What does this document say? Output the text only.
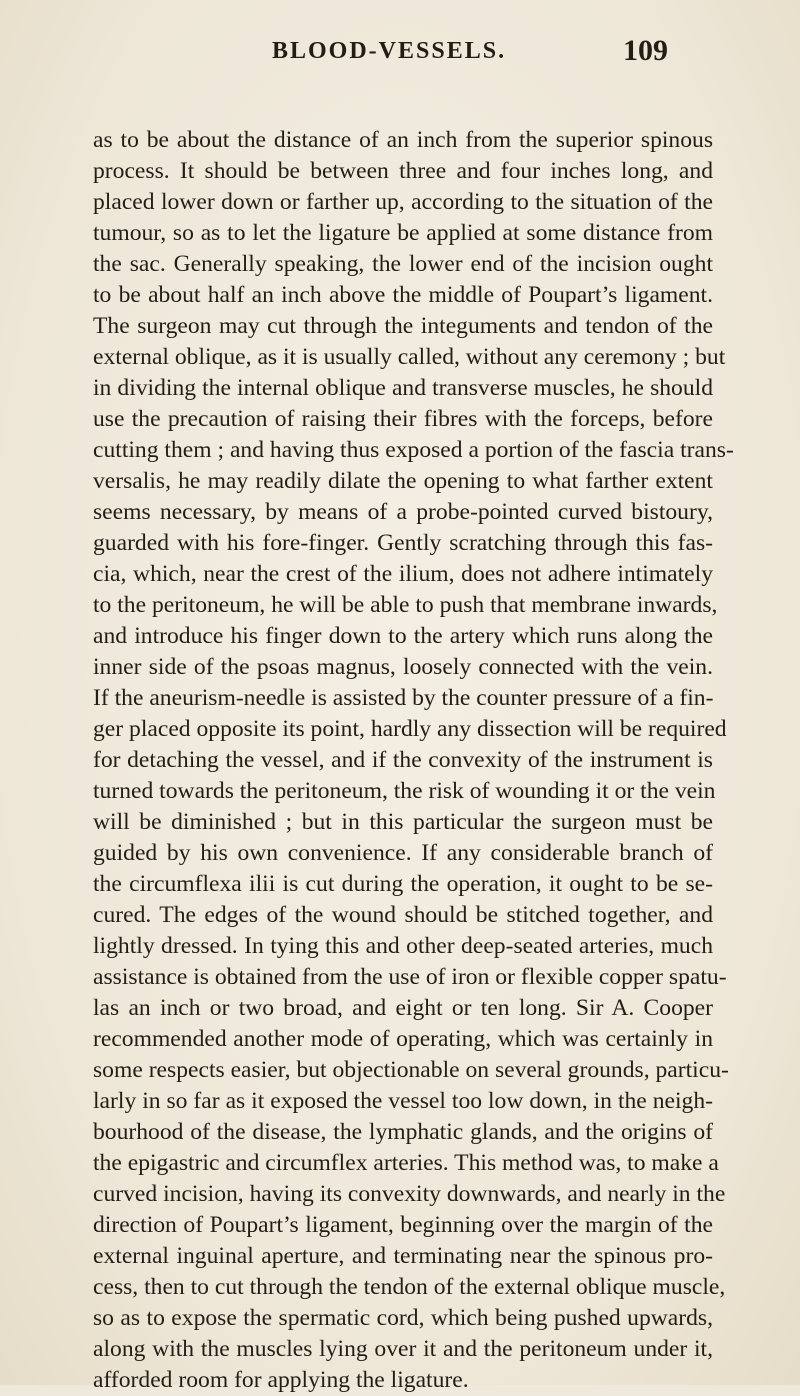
BLOOD-VESSELS.	109
as to be about the distance of an inch from the superior spinous
process. It should be between three and four inches long, and
placed lower down or farther up, according to the situation of the
tumour, so as to let the ligature be applied at some distance from
the sac. Generally speaking, the lower end of the incision ought
to be about half an inch above the middle of Poupart’s ligament.
The surgeon may cut through the integuments and tendon of the
external oblique, as it is usually called, without any ceremony ; but
in dividing the internal oblique and transverse muscles, he should
use the precaution of raising their fibres with the forceps, before
cutting them ; and having thus exposed a portion of the fascia trans-
versalis, he may readily dilate the opening to what farther extent
seems necessary, by means of a probe-pointed curved bistoury,
guarded with his fore-finger. Gently scratching through this fas-
cia, which, near the crest of the ilium, does not adhere intimately
to the peritoneum, he will be able to push that membrane inwards,
and introduce his finger down to the artery which runs along the
inner side of the psoas magnus, loosely connected with the vein.
If the aneurism-needle is assisted by the counter pressure of a fin-
ger placed opposite its point, hardly any dissection will be required
for detaching the vessel, and if the convexity of the instrument is
turned towards the peritoneum, the risk of wounding it or the vein
will be diminished ; but in this particular the surgeon must be
guided by his own convenience. If any considerable branch of
the circumflexa ilii is cut during the operation, it ought to be se-
cured. The edges of the wound should be stitched together, and
lightly dressed. In tying this and other deep-seated arteries, much
assistance is obtained from the use of iron or flexible copper spatu-
las an inch or two broad, and eight or ten long. Sir A. Cooper
recommended another mode of operating, which was certainly in
some respects easier, but objectionable on several grounds, particu-
larly in so far as it exposed the vessel too low down, in the neigh-
bourhood of the disease, the lymphatic glands, and the origins of
the epigastric and circumflex arteries. This method was, to make a
curved incision, having its convexity downwards, and nearly in the
direction of Poupart’s ligament, beginning over the margin of the
external inguinal aperture, and terminating near the spinous pro-
cess, then to cut through the tendon of the external oblique muscle,
so as to expose the spermatic cord, which being pushed upwards,
along with the muscles lying over it and the peritoneum under it,
afforded room for applying the ligature.
